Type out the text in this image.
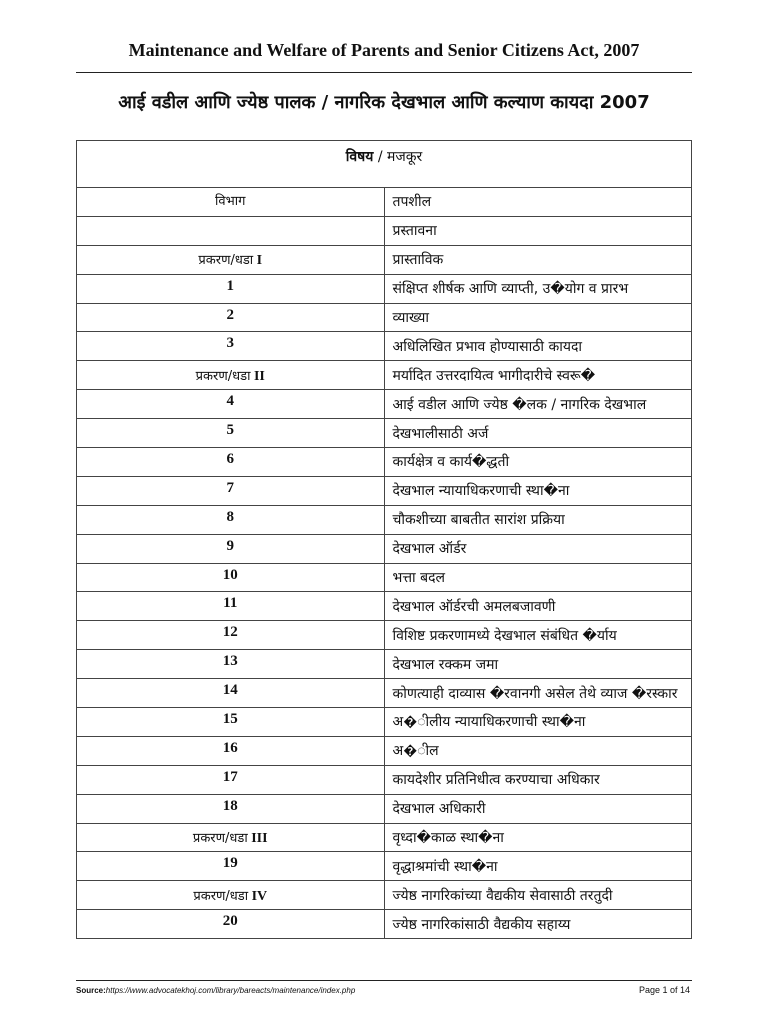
Maintenance and Welfare of Parents and Senior Citizens Act, 2007
आई वडील आणि ज्येष्ठ पालक / नागरिक देखभाल आणि कल्याण कायदा 2007
विषय / मजकूर	
विभाग	तपशील
	प्रस्तावना
प्रकरण/धडा I	प्रास्ताविक
1	संक्षिप्त शीर्षक आणि व्याप्ती, उ�योग व प्रारभ
2	व्याख्या
3	अधिलिखित प्रभाव होण्यासाठी कायदा
प्रकरण/धडा II	मर्यादित उत्तरदायित्व भागीदारीचे स्वरू�
4	आई वडील आणि ज्येष्ठ �लक / नागरिक देखभाल
5	देखभालीसाठी अर्ज
6	कार्यक्षेत्र व कार्य�द्धती
7	देखभाल न्यायाधिकरणाची स्था�ना
8	चौकशीच्या बाबतीत सारांश प्रक्रिया
9	देखभाल ऑर्डर
10	भत्ता बदल
11	देखभाल ऑर्डरची अमलबजावणी
12	विशिष्ट प्रकरणामध्ये देखभाल संबंधित �र्याय
13	देखभाल रक्कम जमा
14	कोणत्याही दाव्यास �रवानगी असेल तेथे व्याज �रस्कार
15	अ�ीलीय न्यायाधिकरणाची स्था�ना
16	अ�ील
17	कायदेशीर प्रतिनिधीत्व करण्याचा अधिकार
18	देखभाल अधिकारी
प्रकरण/धडा III	वृध्दा�काळ स्था�ना
19	वृद्धाश्रमांची स्था�ना
प्रकरण/धडा IV	ज्येष्ठ नागरिकांच्या वैद्यकीय सेवासाठी तरतुदी
20	ज्येष्ठ नागरिकांसाठी वैद्यकीय सहाय्य
Source:https://www.advocatekhoj.com/library/bareacts/maintenance/index.php	Page 1 of 14
